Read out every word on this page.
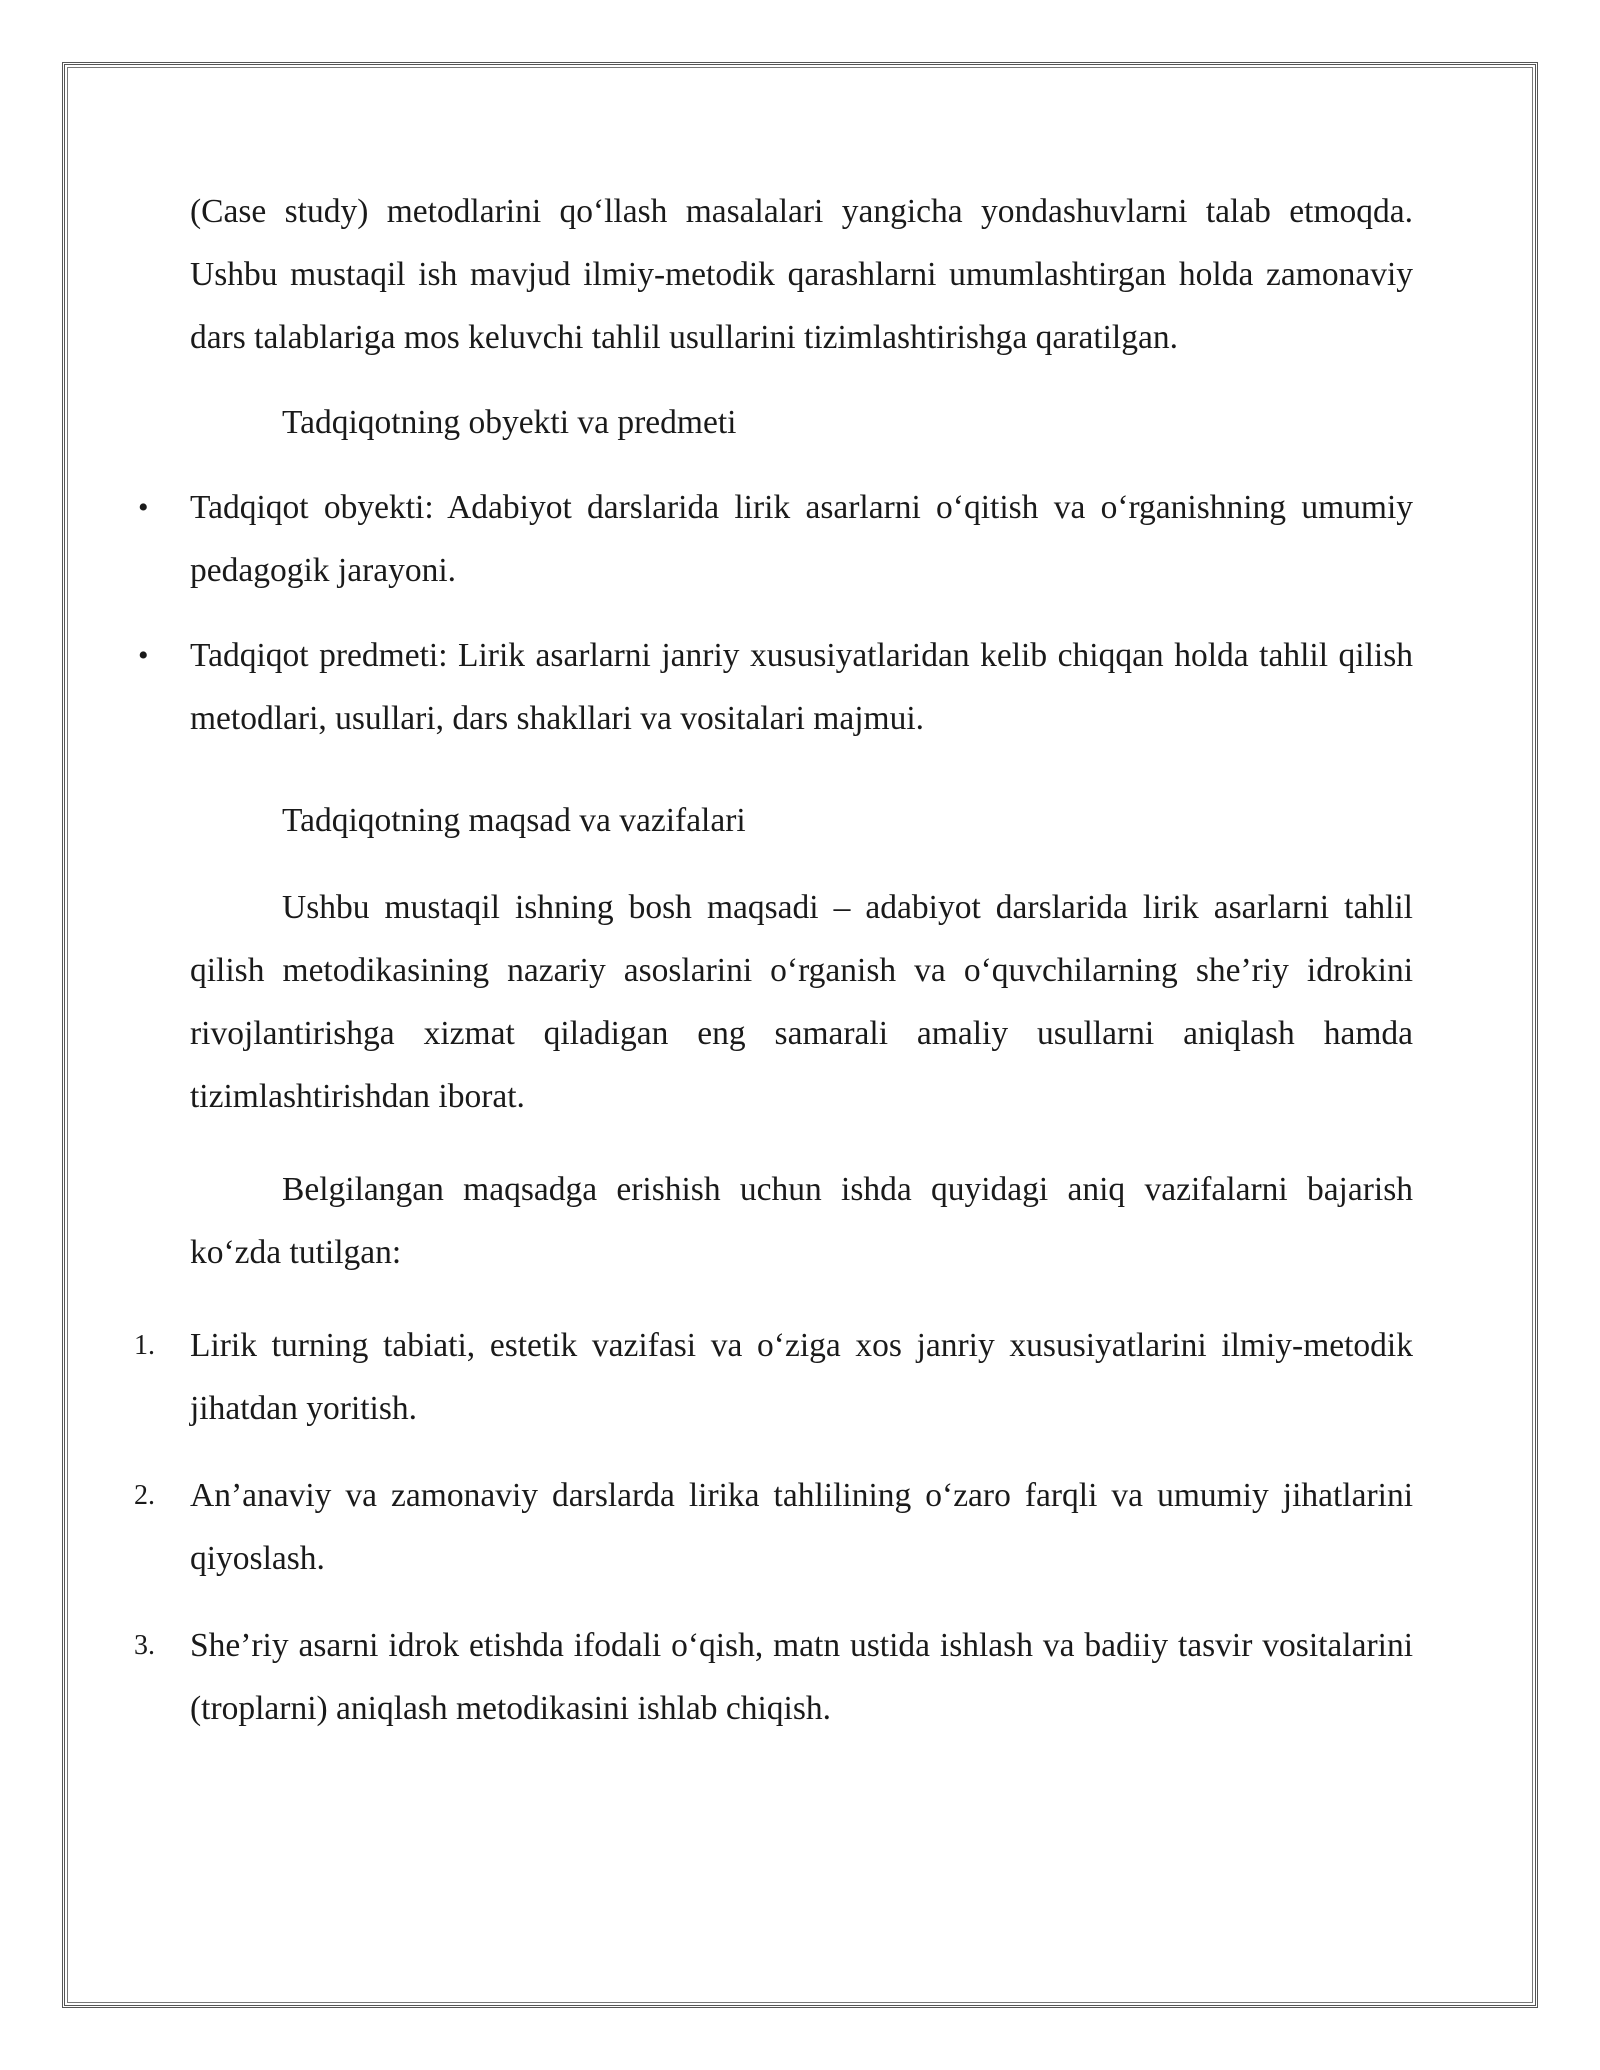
(Case study) metodlarini qo‘llash masalalari yangicha yondashuvlarni talab etmoqda. Ushbu mustaqil ish mavjud ilmiy-metodik qarashlarni umumlashtirgan holda zamonaviy dars talablariga mos keluvchi tahlil usullarini tizimlashtirishga qaratilgan.

Tadqiqotning obyekti va predmeti

•	Tadqiqot obyekti: Adabiyot darslarida lirik asarlarni o‘qitish va o‘rganishning umumiy pedagogik jarayoni.
•	Tadqiqot predmeti: Lirik asarlarni janriy xususiyatlaridan kelib chiqqan holda tahlil qilish metodlari, usullari, dars shakllari va vositalari majmui.

Tadqiqotning maqsad va vazifalari

Ushbu mustaqil ishning bosh maqsadi – adabiyot darslarida lirik asarlarni tahlil qilish metodikasining nazariy asoslarini o‘rganish va o‘quvchilarning she’riy idrokini rivojlantirishga xizmat qiladigan eng samarali amaliy usullarni aniqlash hamda tizimlashtirishdan iborat.

Belgilangan maqsadga erishish uchun ishda quyidagi aniq vazifalarni bajarish ko‘zda tutilgan:

1.	Lirik turning tabiati, estetik vazifasi va o‘ziga xos janriy xususiyatlarini ilmiy-metodik jihatdan yoritish.
2.	An’anaviy va zamonaviy darslarda lirika tahlilining o‘zaro farqli va umumiy jihatlarini qiyoslash.
3.	She’riy asarni idrok etishda ifodali o‘qish, matn ustida ishlash va badiiy tasvir vositalarini (troplarni) aniqlash metodikasini ishlab chiqish.
